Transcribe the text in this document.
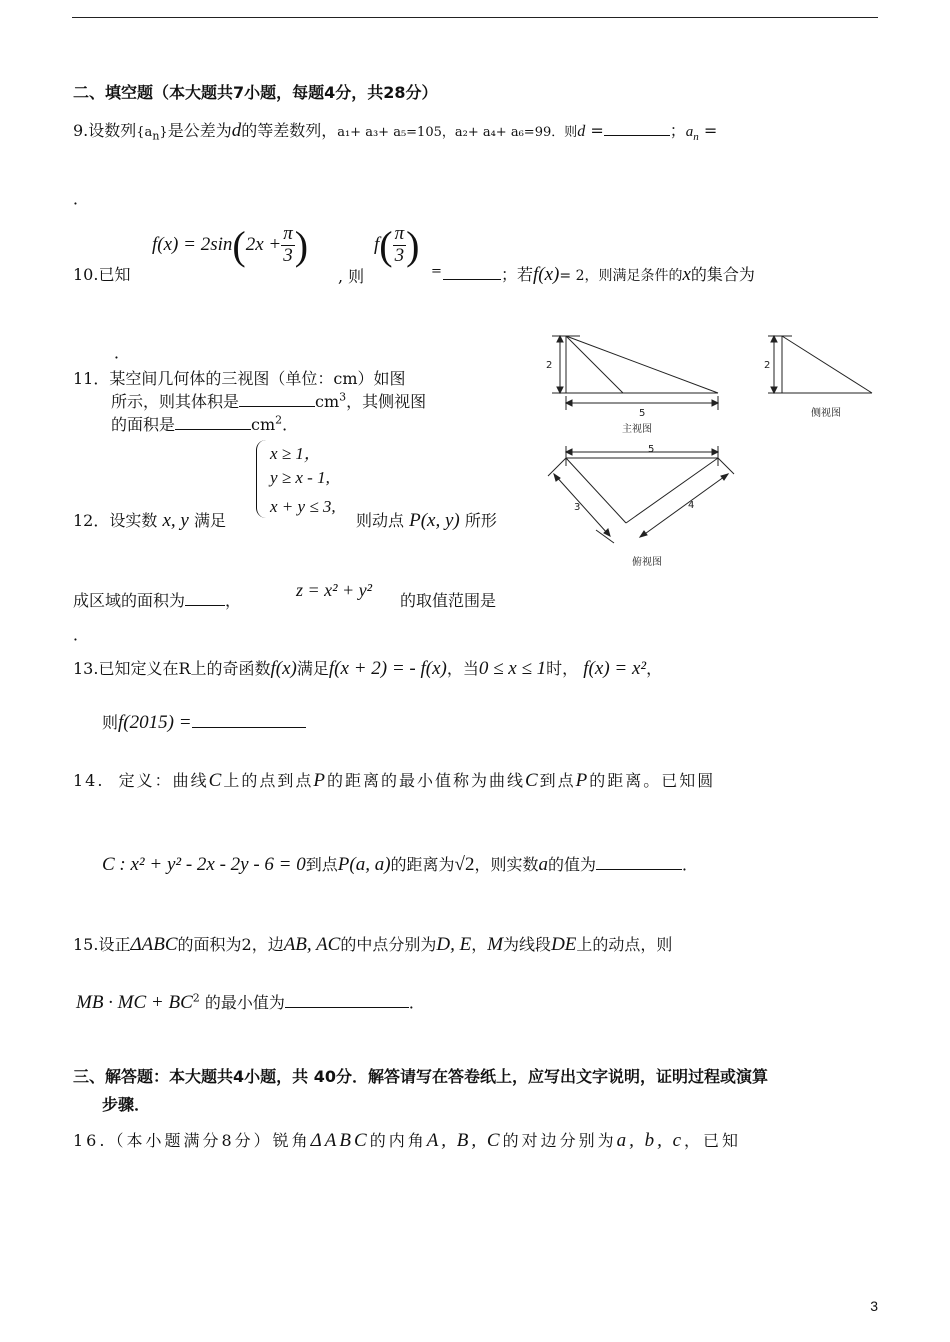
二、填空题（本大题共7小题，每题4分，共28分）
9.设数列$\{a_n\}$是公差为d的等差数列，a₁+ a₃+ a₅=105，a₂+ a₄+ a₆=99．则d =	；$a_n$ =
．
$f(x) = 2\sin(2x + \frac{\pi}{3}$ )	$f( \frac{\pi}{3}$ )
10.已知	, 则	=	；若f(x)= 2，则满足条件的x的集合为
．
11．某空间几何体的三视图（单位：cm）如图
所示，则其体积是	$cm^3$，其侧视图
的面积是	$cm^2$．
2
5
主视图
2
侧视图
5
3	4
俯视图
x ≥ 1，
y ≥ x - 1,
x + y ≤ 3,
12．设实数 x, y 满足	则动点 P(x, y) 所形
成区域的面积为	，
z = x² + y²
的取值范围是
．
13.已知定义在R上的奇函数f(x)满足f(x + 2) = - f(x)，当0 ≤ x ≤ 1时， f(x) = x²，
则f(2015) =
14. 定义：曲线C上的点到点P的距离的最小值称为曲线C到点P的距离。已知圆
C : x² + y² - 2x - 2y - 6 = 0到点P(a, a)的距离为√2，则实数a的值为	．
15.设正ΔABC的面积为2，边AB, AC的中点分别为D, E，M为线段DE上的动点，则
MB · MC + $BC^2$ 的最小值为	．
三、解答题：本大题共4小题，共 40分．解答请写在答卷纸上，应写出文字说明，证明过程或演算
步骤．
16.（本小题满分8分）锐角ΔABC的内角A, B, C的对边分别为a, b, c，已知
3
